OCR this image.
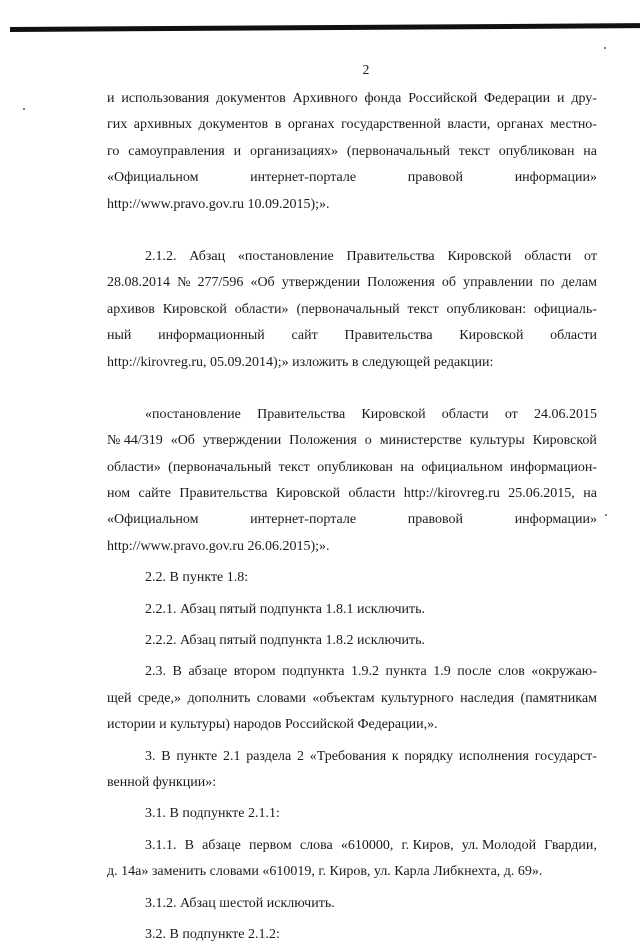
2
и использования документов Архивного фонда Российской Федерации и дру-
гих архивных документов в органах государственной власти, органах местно-
го самоуправления и организациях» (первоначальный текст опубликован на
«Официальном	интернет-портале	правовой	информации»
http://www.pravo.gov.ru 10.09.2015);».
2.1.2. Абзац «постановление Правительства Кировской области от
28.08.2014 № 277/596 «Об утверждении Положения об управлении по делам
архивов Кировской области» (первоначальный текст опубликован: официаль-
ный информационный сайт Правительства Кировской области
http://kirovreg.ru, 05.09.2014);» изложить в следующей редакции:
«постановление Правительства Кировской области от 24.06.2015
№ 44/319 «Об утверждении Положения о министерстве культуры Кировской
области» (первоначальный текст опубликован на официальном информацион-
ном сайте Правительства Кировской области http://kirovreg.ru 25.06.2015, на
«Официальном	интернет-портале	правовой	информации»
http://www.pravo.gov.ru 26.06.2015);».
2.2. В пункте 1.8:
2.2.1. Абзац пятый подпункта 1.8.1 исключить.
2.2.2. Абзац пятый подпункта 1.8.2 исключить.
2.3. В абзаце втором подпункта 1.9.2 пункта 1.9 после слов «окружаю-
щей среде,» дополнить словами «объектам культурного наследия (памятникам
истории и культуры) народов Российской Федерации,».
3. В пункте 2.1 раздела 2 «Требования к порядку исполнения государст-
венной функции»:
3.1. В подпункте 2.1.1:
3.1.1. В абзаце первом слова «610000, г. Киров, ул. Молодой Гвардии,
д. 14а» заменить словами «610019, г. Киров, ул. Карла Либкнехта, д. 69».
3.1.2. Абзац шестой исключить.
3.2. В подпункте 2.1.2:
